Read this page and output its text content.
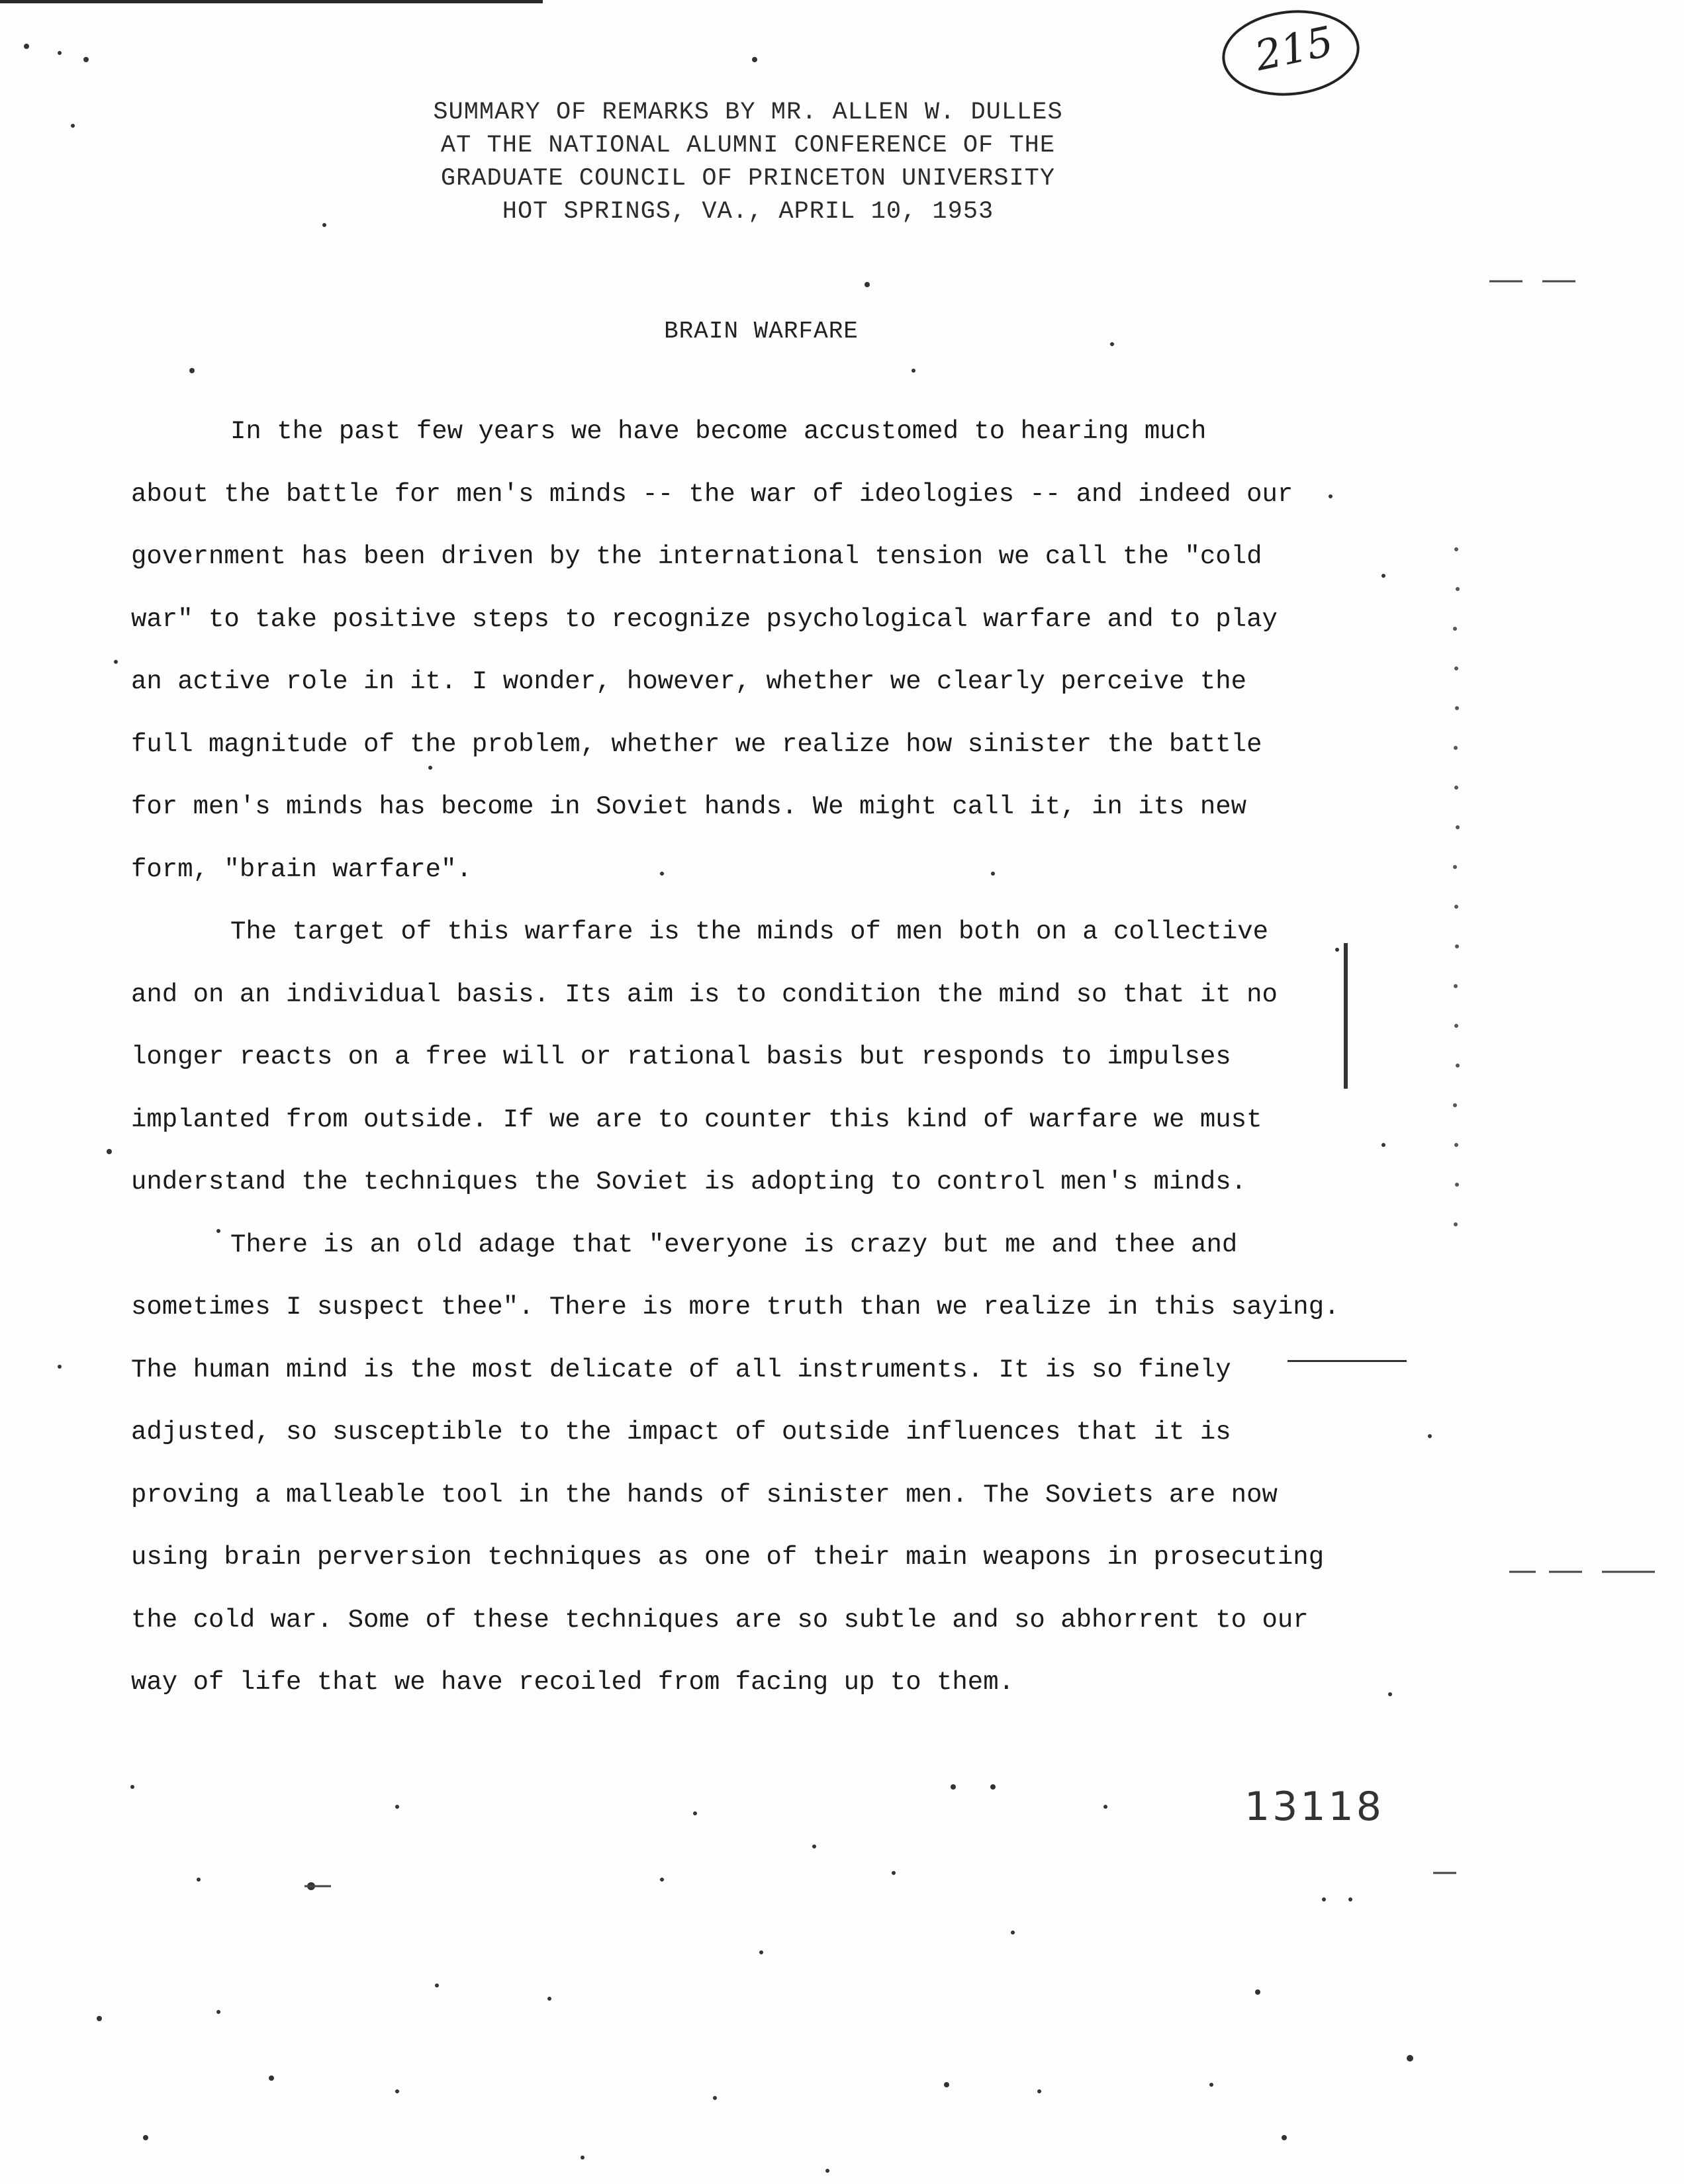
215
SUMMARY OF REMARKS BY MR. ALLEN W. DULLES
AT THE NATIONAL ALUMNI CONFERENCE OF THE
GRADUATE COUNCIL OF PRINCETON UNIVERSITY
HOT SPRINGS, VA., APRIL 10, 1953
BRAIN WARFARE
In the past few years we have become accustomed to hearing much
about the battle for men's minds -- the war of ideologies -- and indeed our
government has been driven by the international tension we call the "cold
war" to take positive steps to recognize psychological warfare and to play
an active role in it. I wonder, however, whether we clearly perceive the
full magnitude of the problem, whether we realize how sinister the battle
for men's minds has become in Soviet hands. We might call it, in its new
form, "brain warfare".
The target of this warfare is the minds of men both on a collective
and on an individual basis. Its aim is to condition the mind so that it no
longer reacts on a free will or rational basis but responds to impulses
implanted from outside. If we are to counter this kind of warfare we must
understand the techniques the Soviet is adopting to control men's minds.
There is an old adage that "everyone is crazy but me and thee and
sometimes I suspect thee". There is more truth than we realize in this saying.
The human mind is the most delicate of all instruments. It is so finely
adjusted, so susceptible to the impact of outside influences that it is
proving a malleable tool in the hands of sinister men. The Soviets are now
using brain perversion techniques as one of their main weapons in prosecuting
the cold war. Some of these techniques are so subtle and so abhorrent to our
way of life that we have recoiled from facing up to them.
13118
